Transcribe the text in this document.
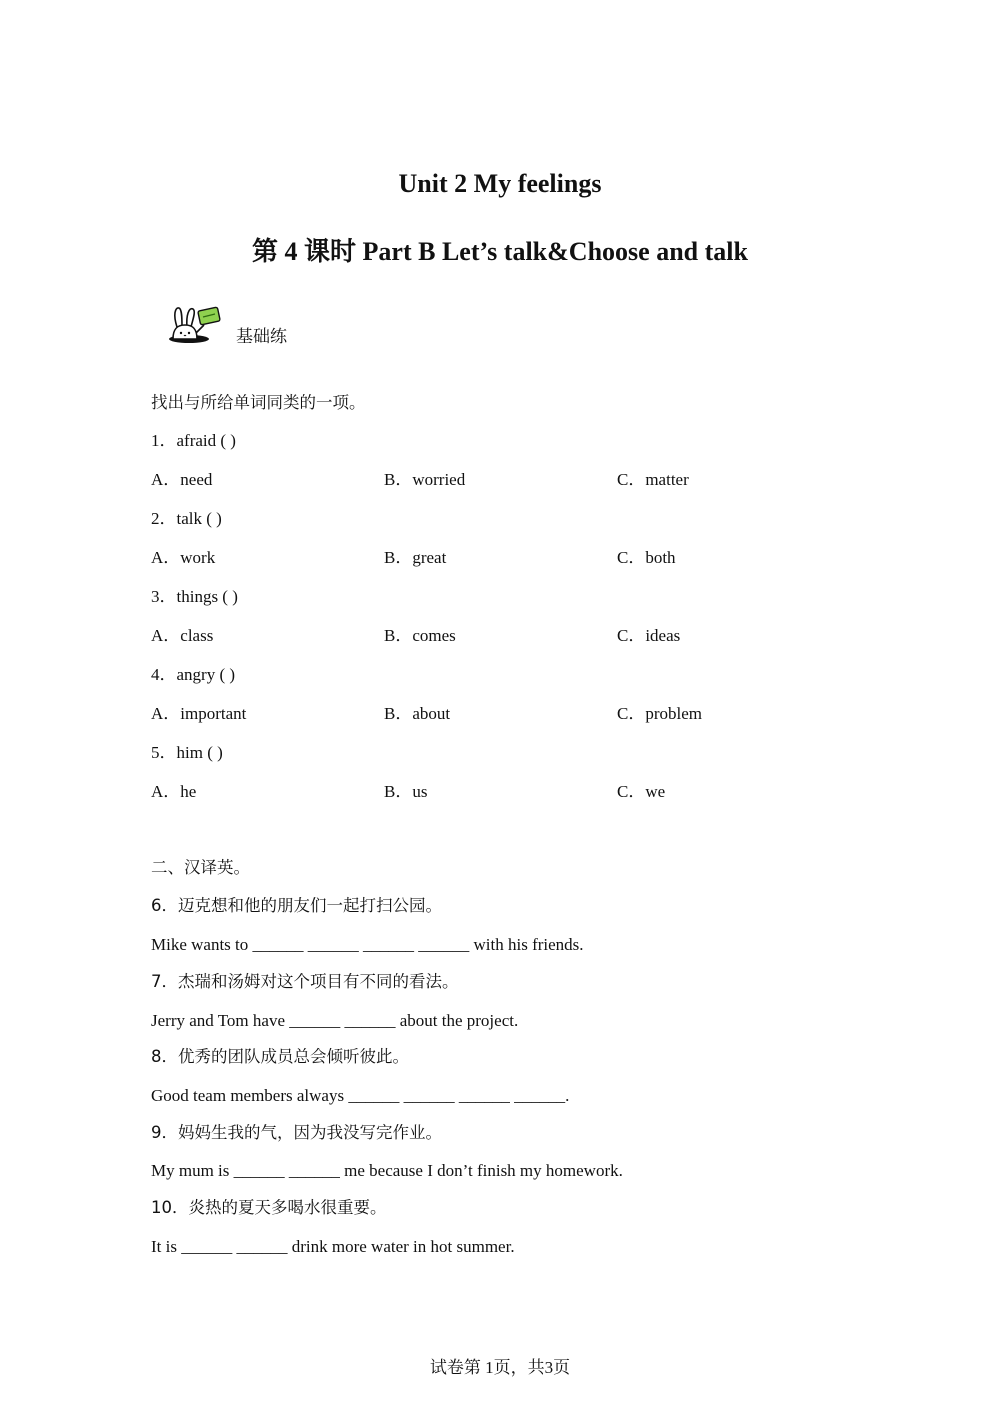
Unit 2 My feelings
第 4 课时 Part B Let’s talk&Choose and talk
基础练
找出与所给单词同类的一项。
1．afraid ( )
A．need	B．worried	C．matter
2．talk ( )
A．work	B．great	C．both
3．things ( )
A．class	B．comes	C．ideas
4．angry ( )
A．important	B．about	C．problem
5．him ( )
A．he	B．us	C．we
二、汉译英。
6．迈克想和他的朋友们一起打扫公园。
Mike wants to ______ ______ ______ ______ with his friends.
7．杰瑞和汤姆对这个项目有不同的看法。
Jerry and Tom have ______ ______ about the project.
8．优秀的团队成员总会倾听彼此。
Good team members always ______ ______ ______ ______.
9．妈妈生我的气，因为我没写完作业。
My mum is ______ ______ me because I don’t finish my homework.
10．炎热的夏天多喝水很重要。
It is ______ ______ drink more water in hot summer.
试卷第 1页，共3页
